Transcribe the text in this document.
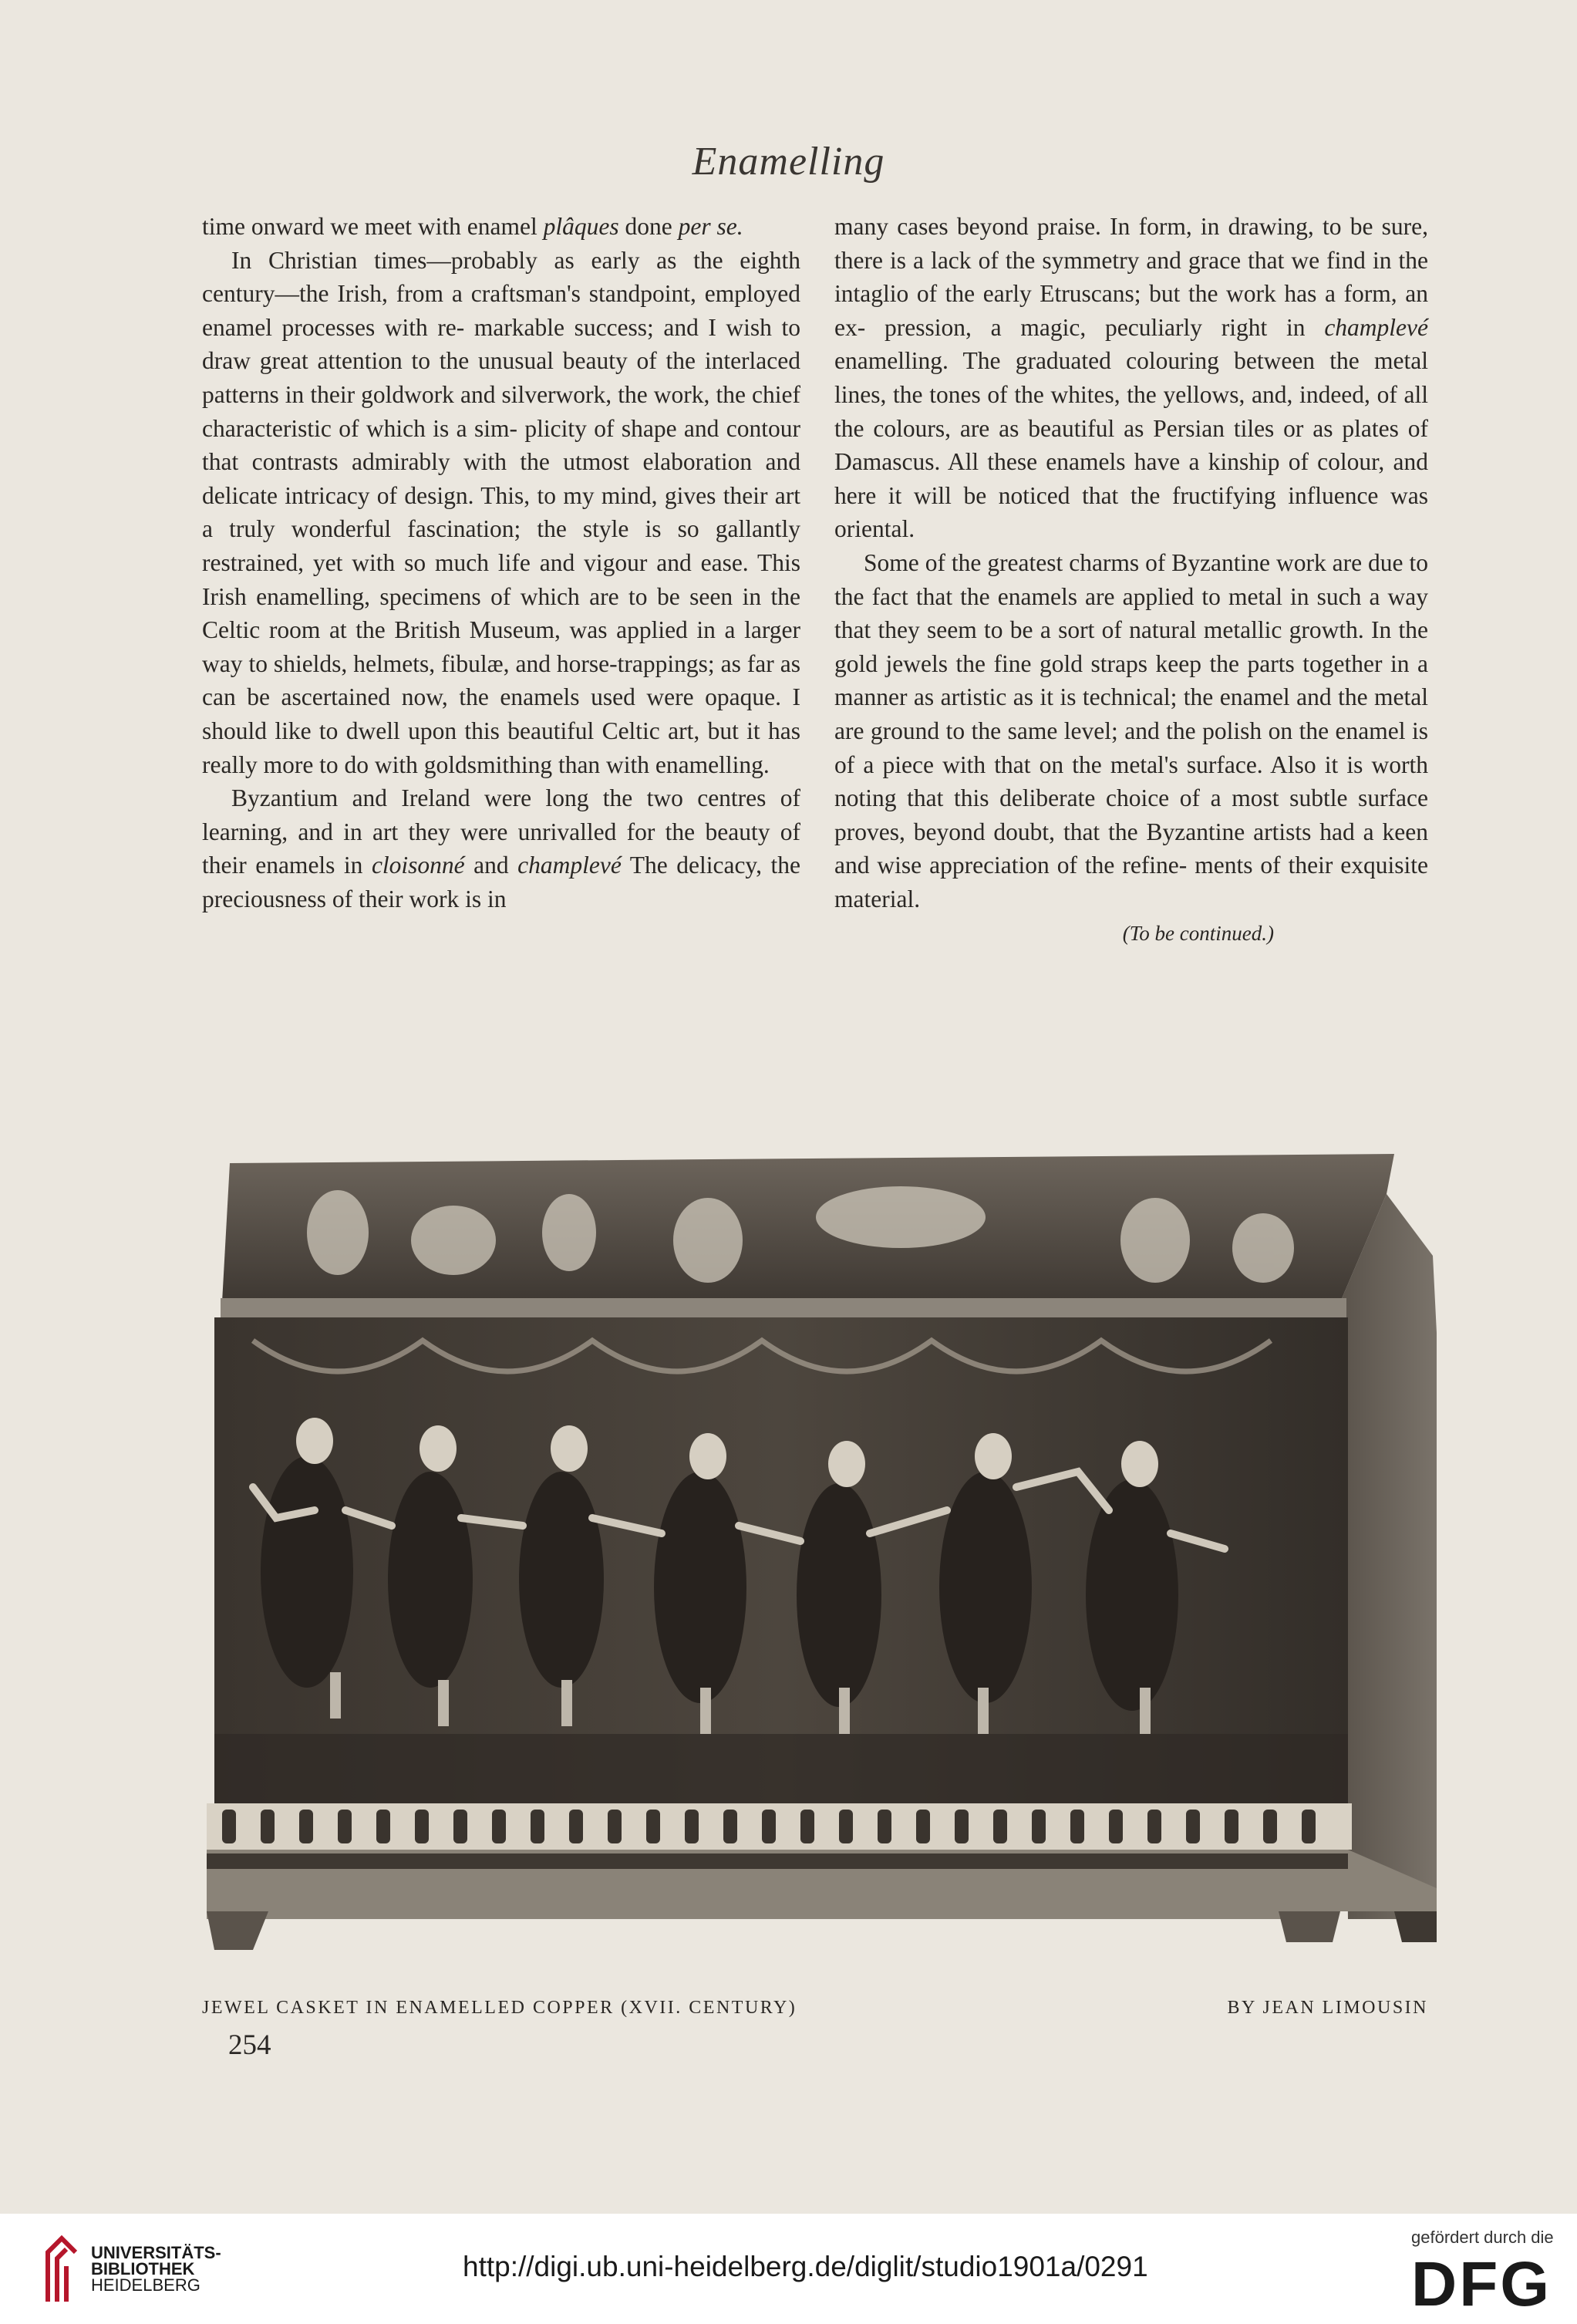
Enamelling

time onward we meet with enamel plâques done per se.

In Christian times—probably as early as the eighth century—the Irish, from a craftsman's standpoint, employed enamel processes with re- markable success; and I wish to draw great attention to the unusual beauty of the interlaced patterns in their goldwork and silverwork, the work, the chief characteristic of which is a sim- plicity of shape and contour that contrasts admirably with the utmost elaboration and delicate intricacy of design. This, to my mind, gives their art a truly wonderful fascination; the style is so gallantly restrained, yet with so much life and vigour and ease. This Irish enamelling, specimens of which are to be seen in the Celtic room at the British Museum, was applied in a larger way to shields, helmets, fibulæ, and horse-trappings; as far as can be ascertained now, the enamels used were opaque. I should like to dwell upon this beautiful Celtic art, but it has really more to do with goldsmithing than with enamelling.

Byzantium and Ireland were long the two centres of learning, and in art they were unrivalled for the beauty of their enamels in cloisonné and champlevé The delicacy, the preciousness of their work is in

many cases beyond praise. In form, in drawing, to be sure, there is a lack of the symmetry and grace that we find in the intaglio of the early Etruscans; but the work has a form, an ex- pression, a magic, peculiarly right in champlevé enamelling. The graduated colouring between the metal lines, the tones of the whites, the yellows, and, indeed, of all the colours, are as beautiful as Persian tiles or as plates of Damascus. All these enamels have a kinship of colour, and here it will be noticed that the fructifying influence was oriental.

Some of the greatest charms of Byzantine work are due to the fact that the enamels are applied to metal in such a way that they seem to be a sort of natural metallic growth. In the gold jewels the fine gold straps keep the parts together in a manner as artistic as it is technical; the enamel and the metal are ground to the same level; and the polish on the enamel is of a piece with that on the metal's surface. Also it is worth noting that this deliberate choice of a most subtle surface proves, beyond doubt, that the Byzantine artists had a keen and wise appreciation of the refine- ments of their exquisite material.

(To be continued.)
JEWEL CASKET IN ENAMELLED COPPER (XVII. CENTURY)	BY JEAN LIMOUSIN
254
UNIVERSITÄTS-
BIBLIOTHEK
HEIDELBERG
http://digi.ub.uni-heidelberg.de/diglit/studio1901a/0291
gefördert durch die
DFG
